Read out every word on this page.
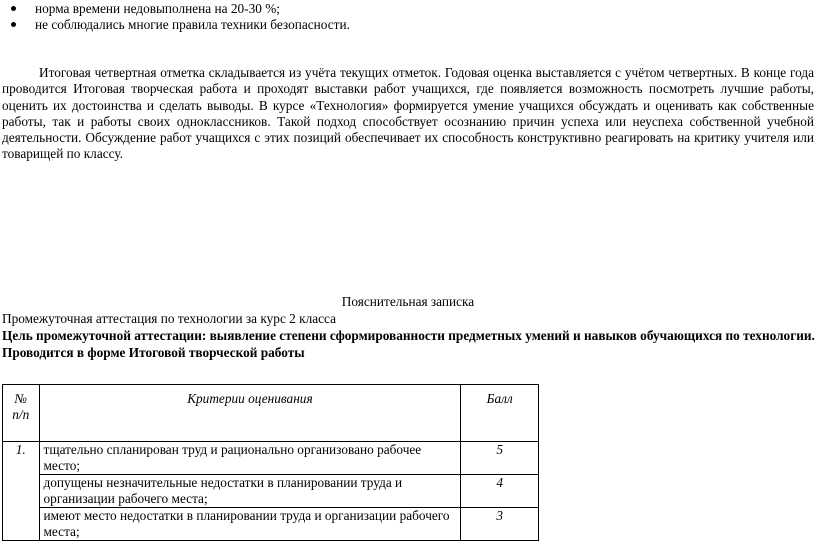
норма времени недовыполнена на 20-30 %;
не соблюдались многие правила техники безопасности.

Итоговая четвертная отметка складывается из учёта текущих отметок. Годовая оценка выставляется с учётом четвертных. В конце года проводится Итоговая творческая работа и проходят выставки работ учащихся, где появляется возможность посмотреть лучшие работы, оценить их достоинства и сделать выводы. В курсе «Технология» формируется умение учащихся обсуждать и оценивать как собственные работы, так и работы своих одноклассников. Такой подход способствует осознанию причин успеха или неуспеха собственной учебной деятельности. Обсуждение работ учащихся с этих позиций обеспечивает их способность конструктивно реагировать на критику учителя или товарищей по классу.

Пояснительная записка
Промежуточная аттестация по технологии за курс 2 класса
Цель промежуточной аттестации: выявление степени сформированности предметных умений и навыков обучающихся по технологии.
Проводится в форме Итоговой творческой работы
№
п/п	Критерии оценивания	Балл
1.	тщательно спланирован труд и рационально организовано рабочее место;	5
	допущены незначительные недостатки в планировании труда и организации рабочего места;	4
	имеют место недостатки в планировании труда и организации рабочего места;	3
